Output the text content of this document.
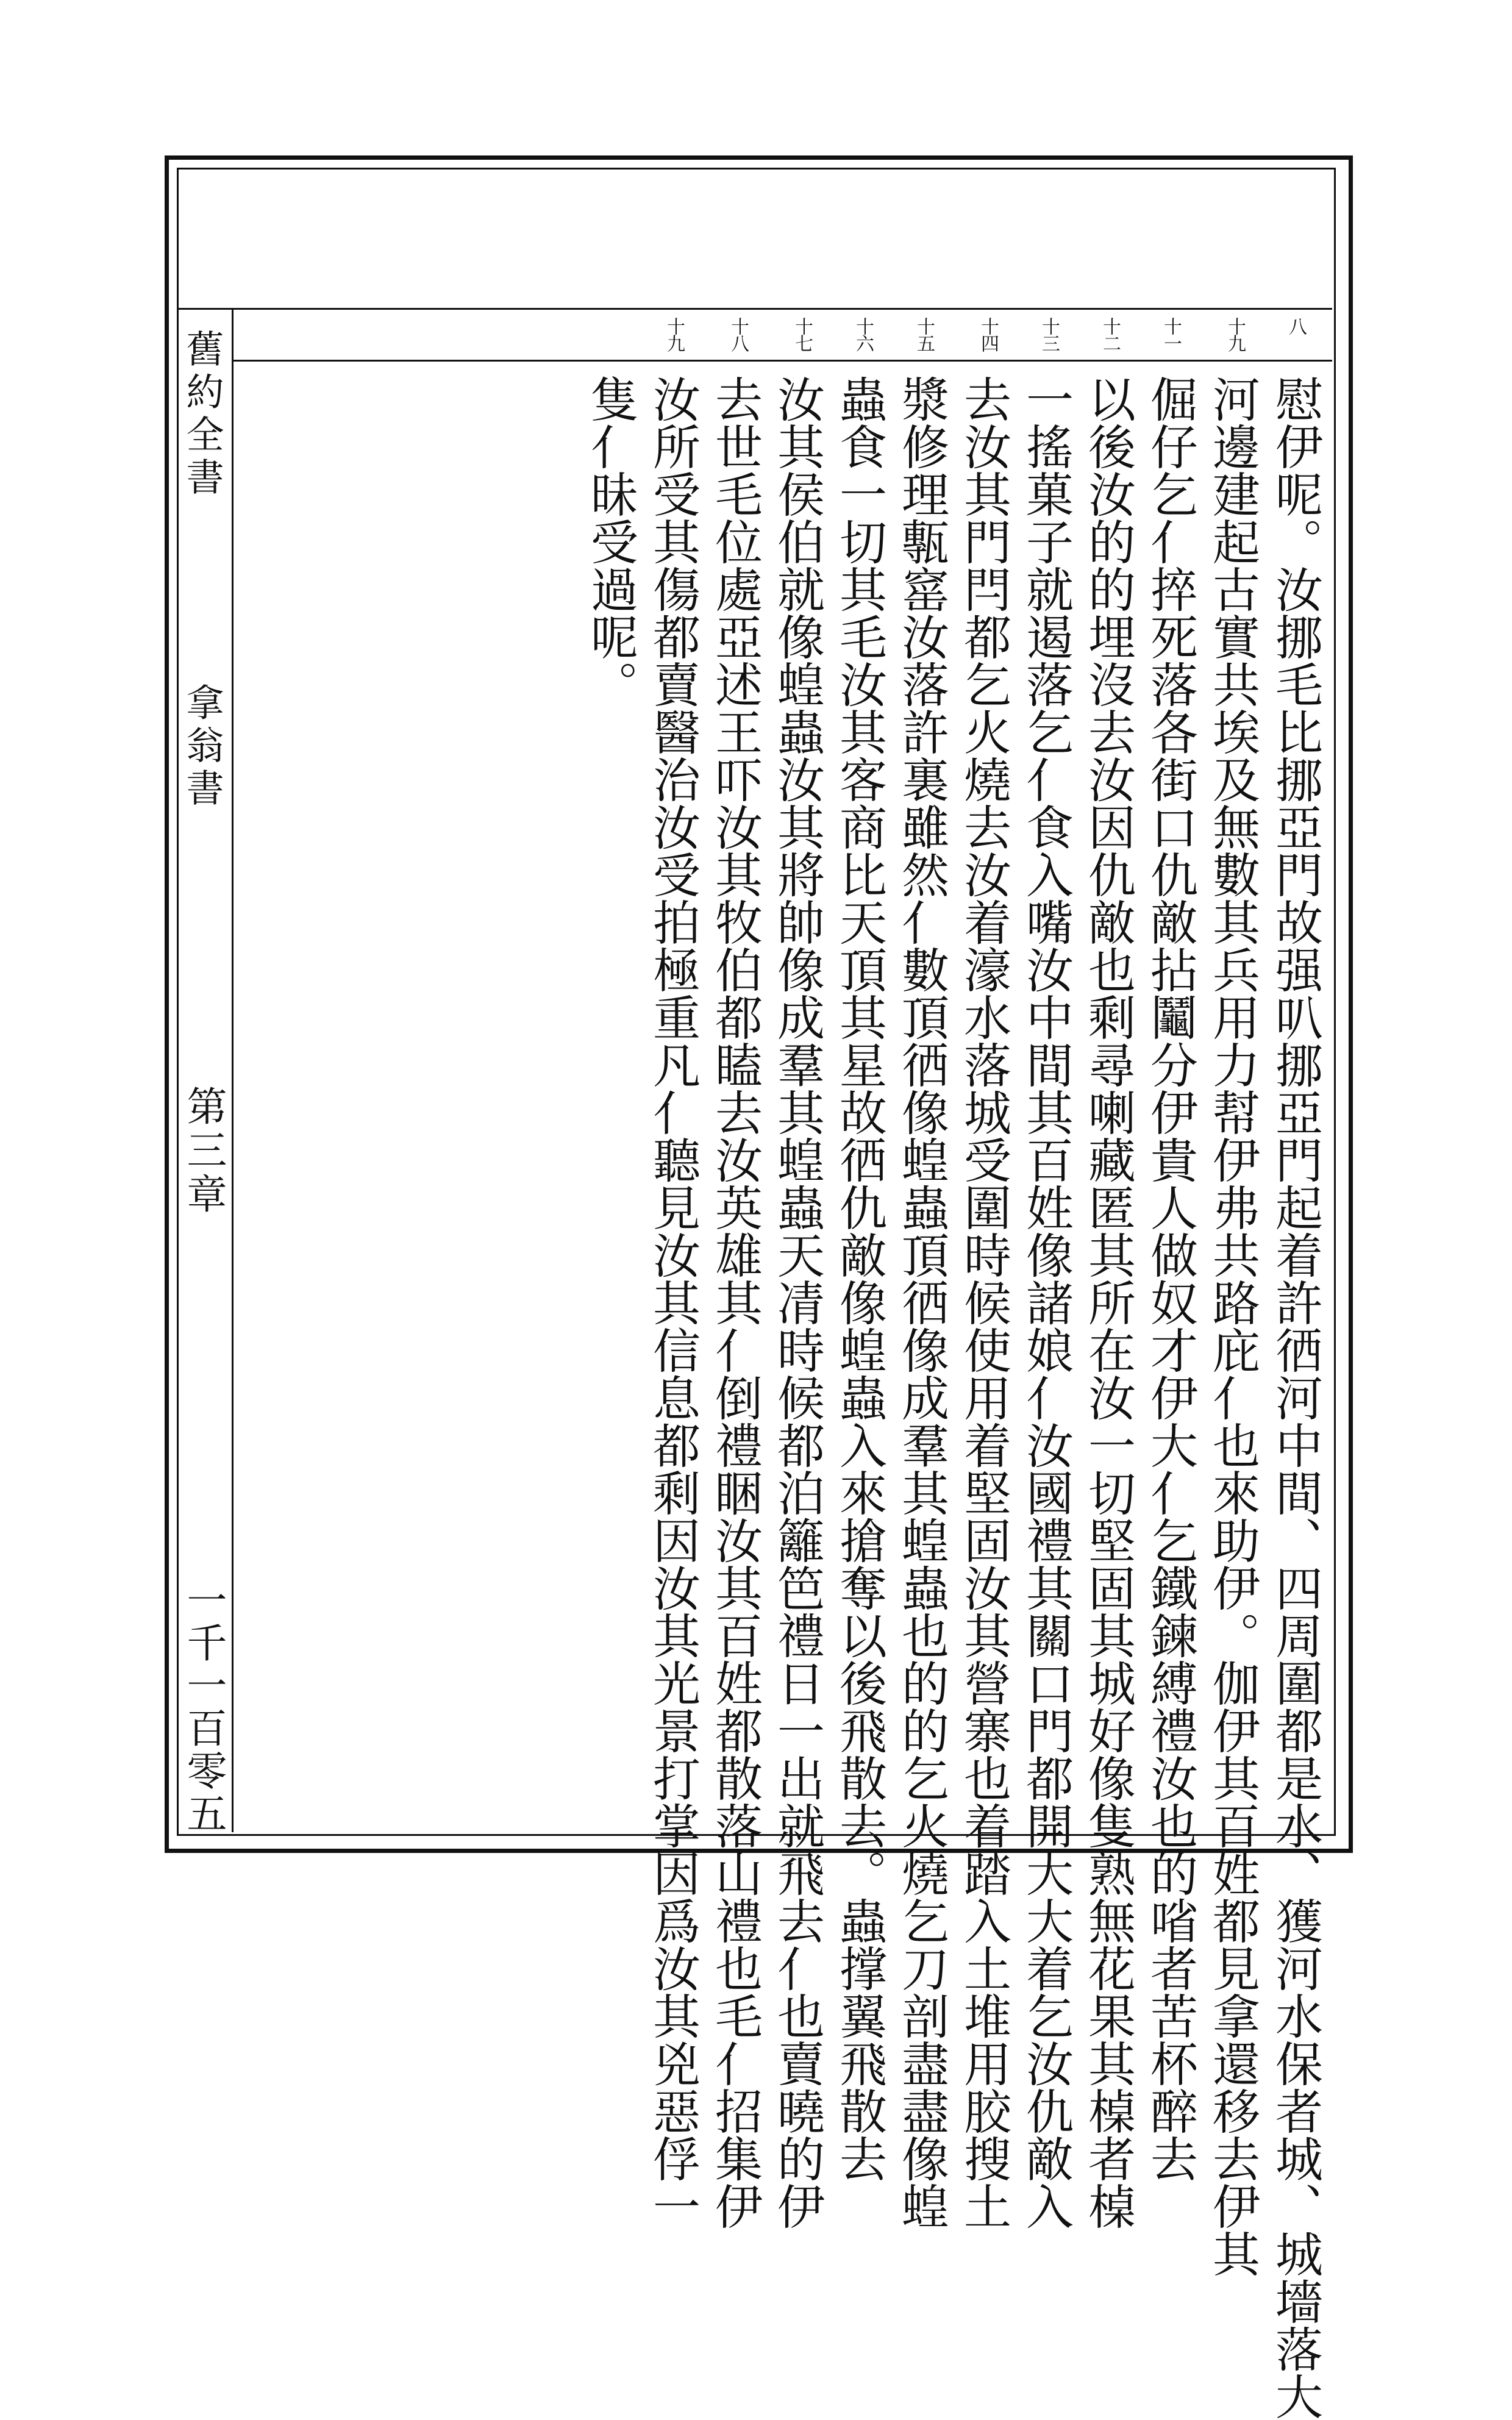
舊約全書
拿翁書
第三章
一千一百零五
八
十九
十一
十二
十三
十四
十五
十六
十七
十八
十九
慰伊呢。汝挪毛比挪亞門故强叭挪亞門起着許徆河中間、四周圍都是水、獲河水保者城、城墻落大
河邊建起古實共埃及無數其兵用力幇伊弗共路庇亻也來助伊。伽伊其百姓都見拿還移去伊其
倔仔乞亻捽死落各街口仇敵拈鬮分伊貴人做奴才伊大亻乞鐵鍊縛禮汝也的㗂者苦杯醉去
以後汝的的埋沒去汝因仇敵也剩尋喇藏匿其所在汝一切堅固其城好像隻熟無花果其槕者槕
一搖菓子就遏落乞亻食入嘴汝中間其百姓像諸娘亻汝國禮其關口門都開大大着乞汝仇敵入
去汝其門閂都乞火燒去汝着濠水落城受圍時候使用着堅固汝其營寨也着踏入土堆用胶搜土
漿修理甎窰汝落許裏雖然亻數頂徆像蝗蟲頂徆像成羣其蝗蟲也的的乞火燒乞刀剖盡盡像蝗
蟲食一切其毛汝其客商比天頂其星故徆仇敵像蝗蟲入來搶奪以後飛散去。蟲撑翼飛散去
汝其侯伯就像蝗蟲汝其將帥像成羣其蝗蟲天凊時候都泊籬笆禮日一出就飛去亻也賣曉的伊
去世毛位處亞述王吓汝其牧伯都瞌去汝英雄其亻倒禮睏汝其百姓都散落山禮也毛亻招集伊
汝所受其傷都賣醫治汝受拍極重凡亻聽見汝其信息都剩因汝其光景打掌因爲汝其兇惡俘一
隻亻昧受過呢。
